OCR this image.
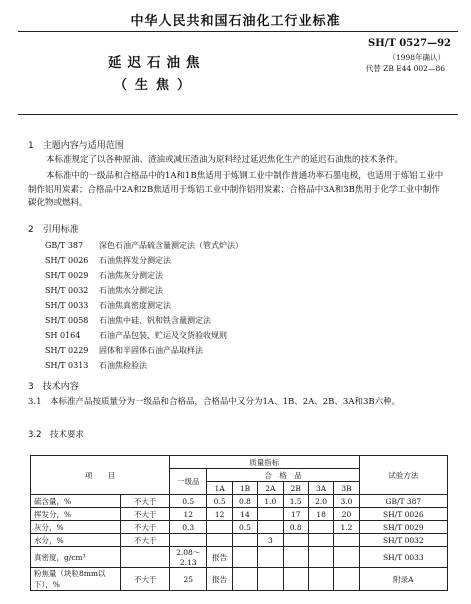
中华人民共和国石油化工行业标准
SH/T 0527—92
（1998年确认）
代替 ZB E44 002—86
延迟石油焦
（生焦）
1　主题内容与适用范围
本标准规定了以各种原油、渣油或减压渣油为原料经过延迟焦化生产的延迟石油焦的技术条件。
本标准中的一级品和合格品中的1A和1B焦适用于炼钢工业中制作普通功率石墨电极，也适用于炼铝工业中制作铝用炭素；合格品中2A和2B焦适用于炼铝工业中制作铝用炭素；合格品中3A和3B焦用于化学工业中制作碳化物或燃料。
2　引用标准
GB/T 387 深色石油产品硫含量测定法（管式炉法）
SH/T 0026 石油焦挥发分测定法
SH/T 0029 石油焦灰分测定法
SH/T 0032 石油焦水分测定法
SH/T 0033 石油焦真密度测定法
SH/T 0058 石油焦中硅、钒和铁含量测定法
SH 0164 石油产品包装、贮运及交货验收规则
SH/T 0229 固体和半固体石油产品取样法
SH/T 0313 石油焦检验法
3　技术内容
3.1　本标准产品按质量分为一级品和合格品，合格品中又分为1A、1B、2A、2B、3A和3B六种。
3.2　技术要求
项　　目		质量指标							试验方法
		一级品	合　格　品						
			1A	1B	2A	2B	3A	3B	
硫含量，%	不大于	0.5	0.5	0.8	1.0	1.5	2.0	3.0	GB/T 387
挥发分，%	不大于	12	12	14		17	18	20	SH/T 0026
灰分，%	不大于	0.3		0.5		0.8		1.2	SH/T 0029
水分，%	不大于				3				SH/T 0032
真密度，g/cm³		2.08～2.13	报告						SH/T 0033
粉焦量（块粒8mm以下），%	不大于	25	报告						附录A
